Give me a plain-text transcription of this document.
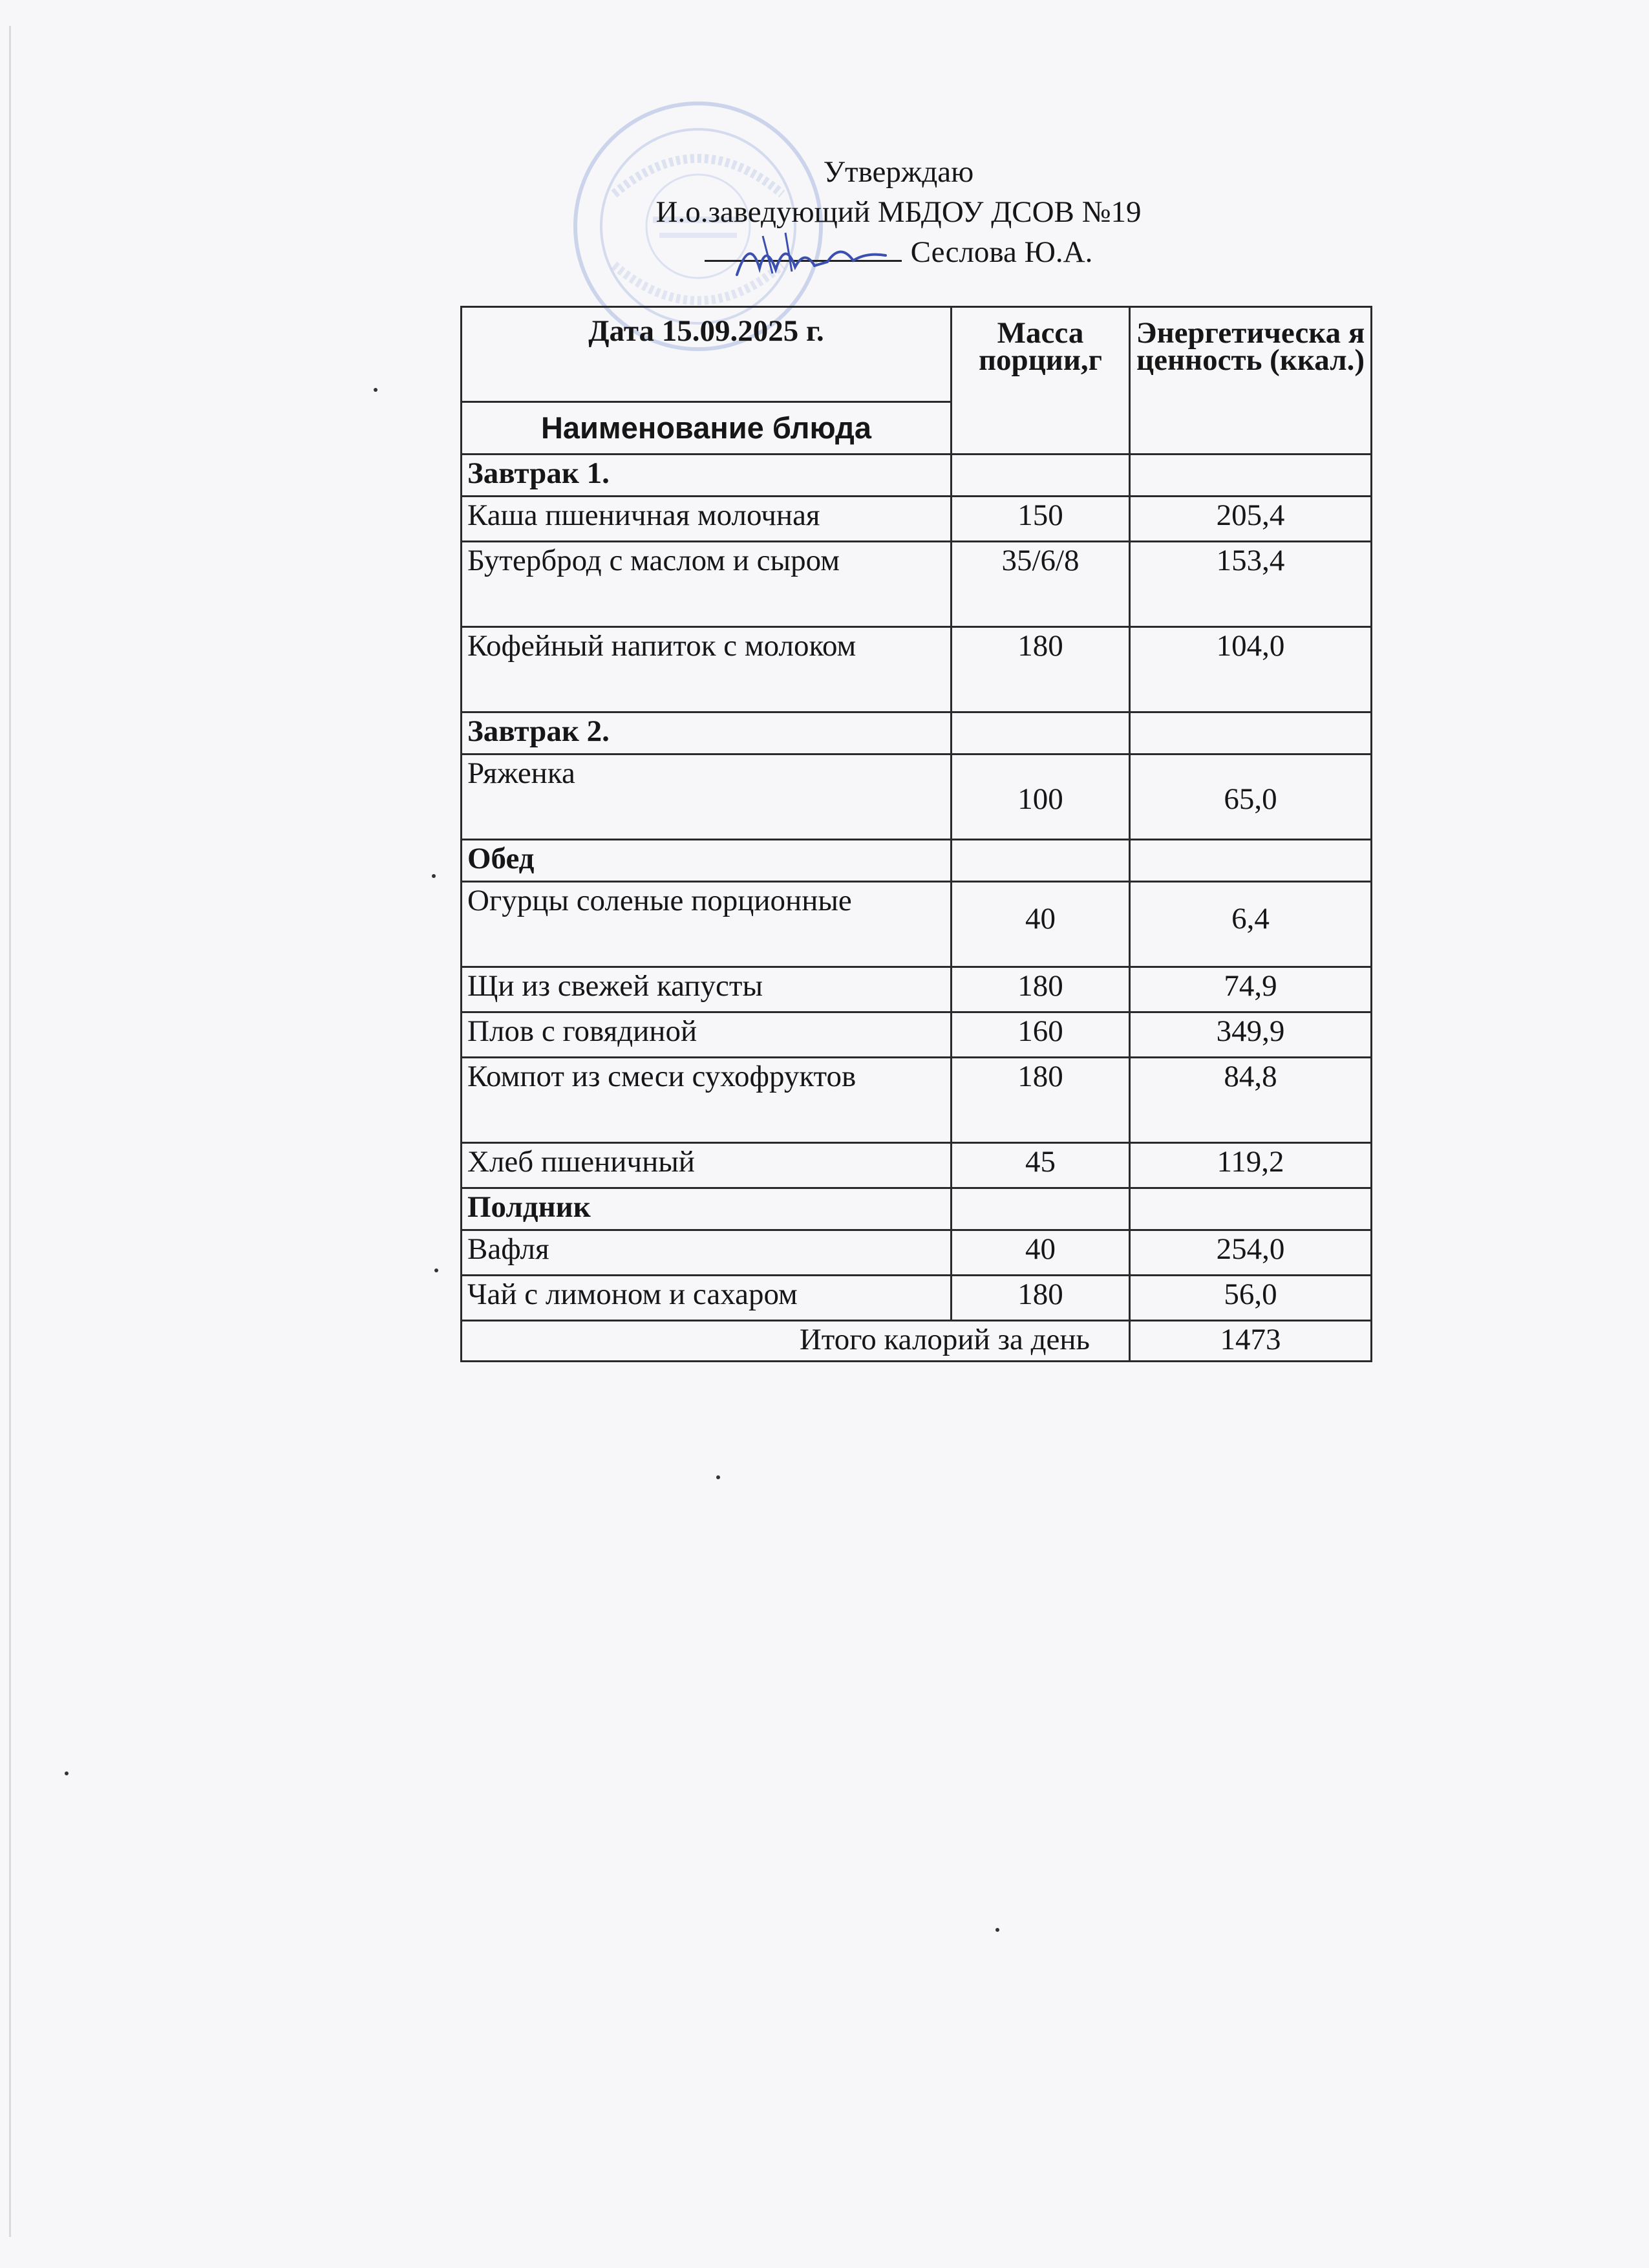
Утверждаю
И.о.заведующий МБДОУ ДСОВ №19
Сеслова Ю.А.
Дата 15.09.2025 г.	Масса порции,г	Энергетическа я ценность (ккал.)
Наименование блюда		
Завтрак 1.		
Каша пшеничная молочная	150	205,4
Бутерброд с маслом и сыром	35/6/8	153,4
Кофейный напиток с молоком	180	104,0
Завтрак 2.		
Ряженка	100	65,0
Обед		
Огурцы соленые порционные	40	6,4
Щи из свежей капусты	180	74,9
Плов с говядиной	160	349,9
Компот из смеси сухофруктов	180	84,8
Хлеб пшеничный	45	119,2
Полдник		
Вафля	40	254,0
Чай с лимоном и сахаром	180	56,0
Итого калорий за день		1473
